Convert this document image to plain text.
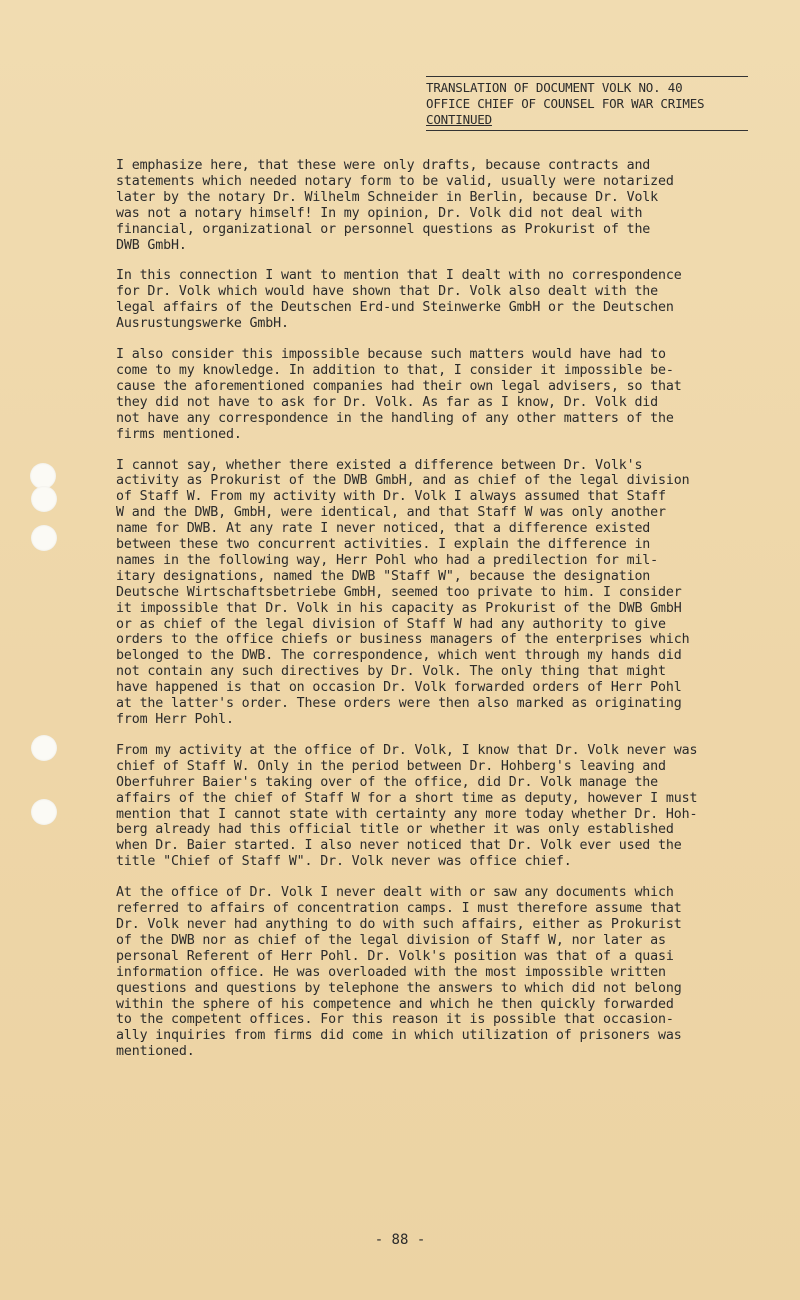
TRANSLATION OF DOCUMENT VOLK NO. 40
OFFICE CHIEF OF COUNSEL FOR WAR CRIMES
CONTINUED
I emphasize here, that these were only drafts, because contracts and
statements which needed notary form to be valid, usually were notarized
later by the notary Dr. Wilhelm Schneider in Berlin, because Dr. Volk
was not a notary himself! In my opinion, Dr. Volk did not deal with
financial, organizational or personnel questions as Prokurist of the
DWB GmbH.
In this connection I want to mention that I dealt with no correspondence
for Dr. Volk which would have shown that Dr. Volk also dealt with the
legal affairs of the Deutschen Erd-und Steinwerke GmbH or the Deutschen
Ausrustungswerke GmbH.
I also consider this impossible because such matters would have had to
come to my knowledge. In addition to that, I consider it impossible be-
cause the aforementioned companies had their own legal advisers, so that
they did not have to ask for Dr. Volk. As far as I know, Dr. Volk did
not have any correspondence in the handling of any other matters of the
firms mentioned.
I cannot say, whether there existed a difference between Dr. Volk's
activity as Prokurist of the DWB GmbH, and as chief of the legal division
of Staff W. From my activity with Dr. Volk I always assumed that Staff
W and the DWB, GmbH, were identical, and that Staff W was only another
name for DWB. At any rate I never noticed, that a difference existed
between these two concurrent activities. I explain the difference in
names in the following way, Herr Pohl who had a predilection for mil-
itary designations, named the DWB "Staff W", because the designation
Deutsche Wirtschaftsbetriebe GmbH, seemed too private to him. I consider
it impossible that Dr. Volk in his capacity as Prokurist of the DWB GmbH
or as chief of the legal division of Staff W had any authority to give
orders to the office chiefs or business managers of the enterprises which
belonged to the DWB. The correspondence, which went through my hands did
not contain any such directives by Dr. Volk. The only thing that might
have happened is that on occasion Dr. Volk forwarded orders of Herr Pohl
at the latter's order. These orders were then also marked as originating
from Herr Pohl.
From my activity at the office of Dr. Volk, I know that Dr. Volk never was
chief of Staff W. Only in the period between Dr. Hohberg's leaving and
Oberfuhrer Baier's taking over of the office, did Dr. Volk manage the
affairs of the chief of Staff W for a short time as deputy, however I must
mention that I cannot state with certainty any more today whether Dr. Hoh-
berg already had this official title or whether it was only established
when Dr. Baier started. I also never noticed that Dr. Volk ever used the
title "Chief of Staff W". Dr. Volk never was office chief.
At the office of Dr. Volk I never dealt with or saw any documents which
referred to affairs of concentration camps. I must therefore assume that
Dr. Volk never had anything to do with such affairs, either as Prokurist
of the DWB nor as chief of the legal division of Staff W, nor later as
personal Referent of Herr Pohl. Dr. Volk's position was that of a quasi
information office. He was overloaded with the most impossible written
questions and questions by telephone the answers to which did not belong
within the sphere of his competence and which he then quickly forwarded
to the competent offices. For this reason it is possible that occasion-
ally inquiries from firms did come in which utilization of prisoners was
mentioned.
- 88 -
